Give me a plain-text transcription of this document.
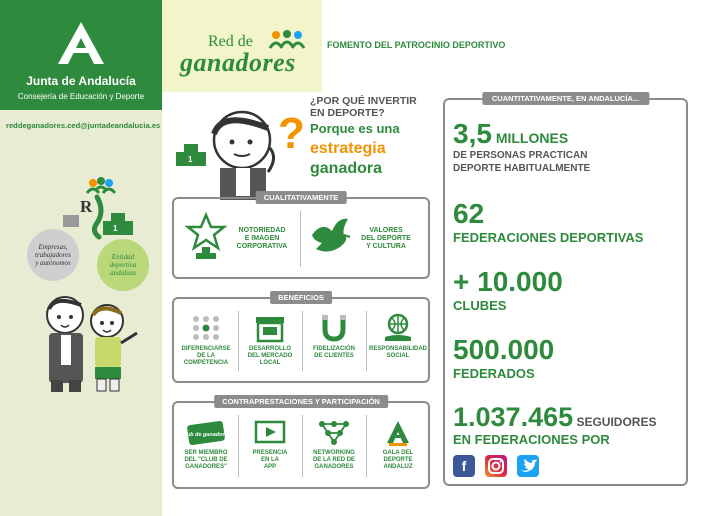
Junta de Andalucía
Consejería de Educación y Deporte
reddeganadores.ced@juntadeandalucia.es
R
1
Empresas,
trabajadores
y autónomos
Entidad
deportiva
andaluza
Red de
ganadores
FOMENTO DEL PATROCINIO DEPORTIVO
1
?
¿POR QUÉ INVERTIR
EN DEPORTE?
Porque es una
estrategia
ganadora
CUALITATIVAMENTE
NOTORIEDAD
E IMAGEN
CORPORATIVA
VALORES
DEL DEPORTE
Y CULTURA
BENEFICIOS
DIFERENCIARSE
DE LA
COMPETENCIA
DESARROLLO
DEL MERCADO
LOCAL
FIDELIZACIÓN
DE CLIENTES
RESPONSABILIDAD
SOCIAL
CONTRAPRESTACIONES Y PARTICIPACIÓN
Club de ganadores
SER MIEMBRO
DEL "CLUB DE
GANADORES"
PRESENCIA
EN LA
APP
NETWORKING
DE LA RED DE
GANADORES
GALA DEL
DEPORTE
ANDALUZ
CUANTITATIVAMENTE, EN ANDALUCÍA...
3,5 MILLONES
DE PERSONAS PRACTICAN
DEPORTE HABITUALMENTE
62
FEDERACIONES DEPORTIVAS
+ 10.000
CLUBES
500.000
FEDERADOS
1.037.465 SEGUIDORES
EN FEDERACIONES POR
f
